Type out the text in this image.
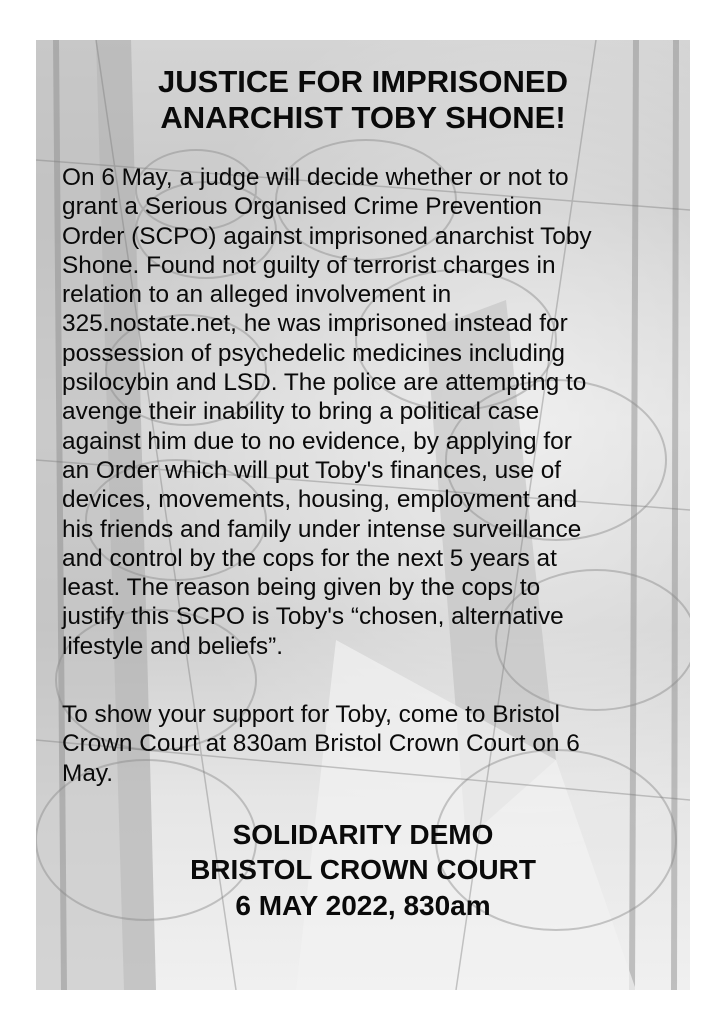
JUSTICE FOR IMPRISONED
ANARCHIST TOBY SHONE!

On 6 May, a judge will decide whether or not to
grant a Serious Organised Crime Prevention
Order (SCPO) against imprisoned anarchist Toby
Shone. Found not guilty of terrorist charges in
relation to an alleged involvement in
325.nostate.net, he was imprisoned instead for
possession of psychedelic medicines including
psilocybin and LSD. The police are attempting to
avenge their inability to bring a political case
against him due to no evidence, by applying for
an Order which will put Toby's finances, use of
devices, movements, housing, employment and
his friends and family under intense surveillance
and control by the cops for the next 5 years at
least. The reason being given by the cops to
justify this SCPO is Toby's “chosen, alternative
lifestyle and beliefs”.

To show your support for Toby, come to Bristol
Crown Court at 830am Bristol Crown Court on 6
May.

SOLIDARITY DEMO
BRISTOL CROWN COURT
6 MAY 2022, 830am
